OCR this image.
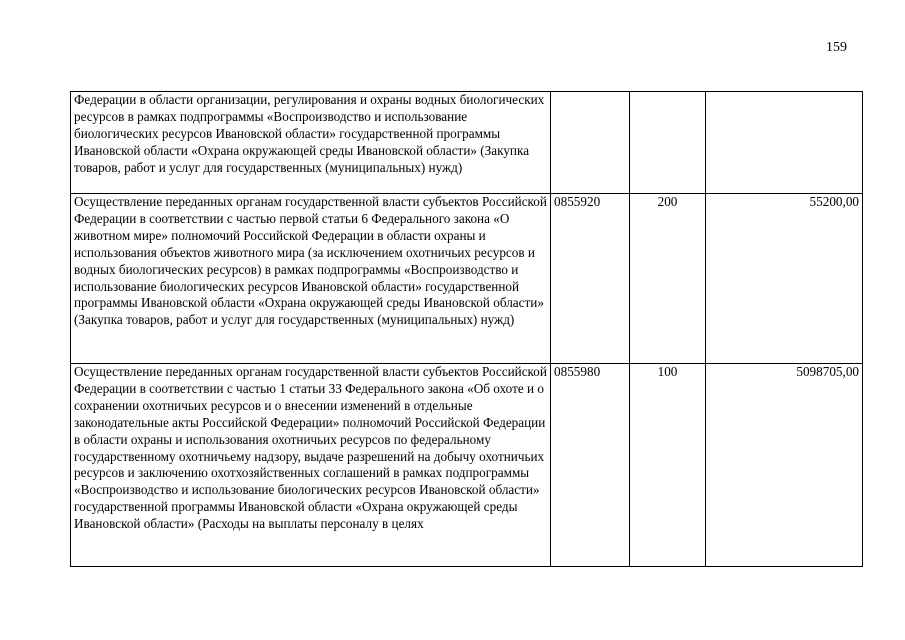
159
Федерации в области организации, регулирования и охраны водных биологических ресурсов в рамках подпрограммы «Воспроизводство и использование биологических ресурсов Ивановской области» государственной программы Ивановской области «Охрана окружающей среды Ивановской области» (Закупка товаров, работ и услуг для государственных (муниципальных) нужд)			

Осуществление переданных органам государственной власти субъектов Российской Федерации в соответствии с частью первой статьи 6 Федерального закона «О животном мире» полномочий Российской Федерации в области охраны и использования объектов животного мира (за исключением охотничьих ресурсов и водных биологических ресурсов) в рамках подпрограммы «Воспроизводство и использование биологических ресурсов Ивановской области» государственной программы Ивановской области «Охрана окружающей среды Ивановской области» (Закупка товаров, работ и услуг для государственных (муниципальных) нужд)	0855920	200	55200,00

Осуществление переданных органам государственной власти субъектов Российской Федерации в соответствии с частью 1 статьи 33 Федерального закона «Об охоте и о сохранении охотничьих ресурсов и о внесении изменений в отдельные законодательные акты Российской Федерации» полномочий Российской Федерации в области охраны и использования охотничьих ресурсов по федеральному государственному охотничьему надзору, выдаче разрешений на добычу охотничьих ресурсов и заключению охотхозяйственных соглашений в рамках подпрограммы «Воспроизводство и использование биологических ресурсов Ивановской области» государственной программы Ивановской области «Охрана окружающей среды Ивановской области» (Расходы на выплаты персоналу в целях	0855980	100	5098705,00
